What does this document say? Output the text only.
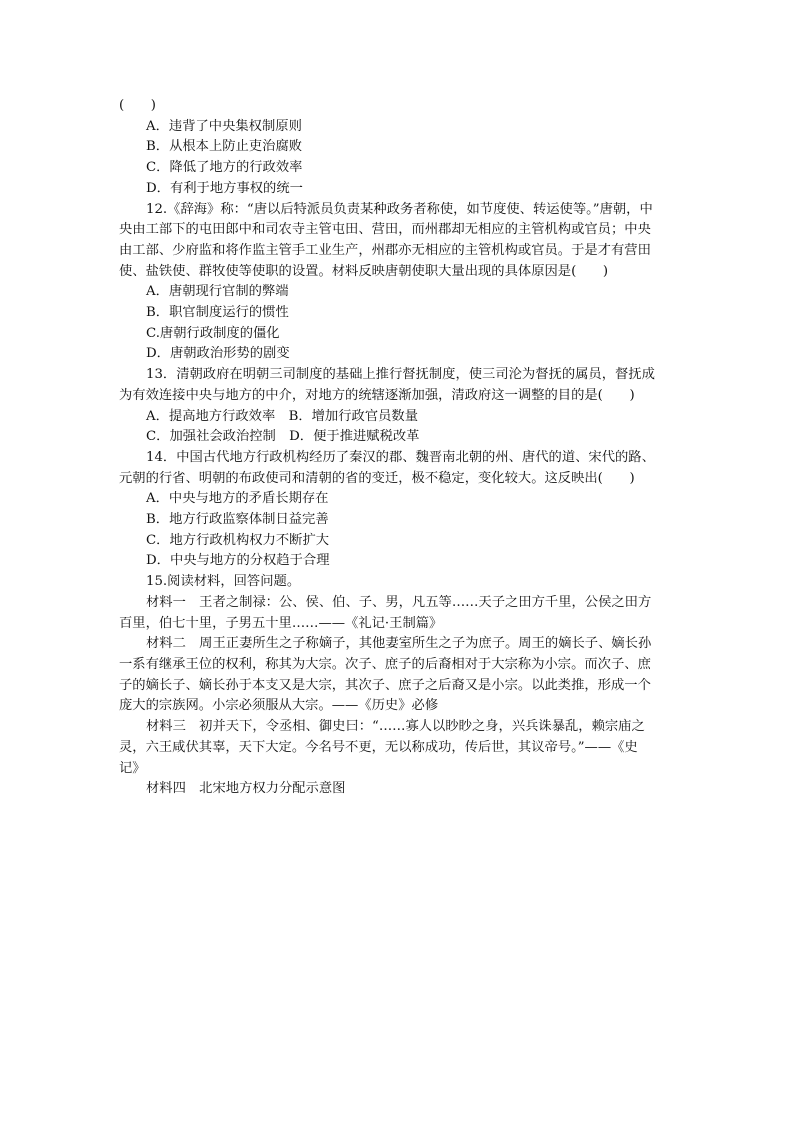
(　　)
A．违背了中央集权制原则
B．从根本上防止吏治腐败
C．降低了地方的行政效率
D．有利于地方事权的统一
12.《辞海》称：“唐以后特派员负责某种政务者称使，如节度使、转运使等。”唐朝，中
央由工部下的屯田郎中和司农寺主管屯田、营田，而州郡却无相应的主管机构或官员；中央
由工部、少府监和将作监主管手工业生产，州郡亦无相应的主管机构或官员。于是才有营田
使、盐铁使、群牧使等使职的设置。材料反映唐朝使职大量出现的具体原因是(　　)
A．唐朝现行官制的弊端
B．职官制度运行的惯性
C.唐朝行政制度的僵化
D．唐朝政治形势的剧变
13．清朝政府在明朝三司制度的基础上推行督抚制度，使三司沦为督抚的属员，督抚成
为有效连接中央与地方的中介，对地方的统辖逐渐加强，清政府这一调整的目的是(　　)
A．提高地方行政效率　B．增加行政官员数量
C．加强社会政治控制　D．便于推进赋税改革
14．中国古代地方行政机构经历了秦汉的郡、魏晋南北朝的州、唐代的道、宋代的路、
元朝的行省、明朝的布政使司和清朝的省的变迁，极不稳定，变化较大。这反映出(　　)
A．中央与地方的矛盾长期存在
B．地方行政监察体制日益完善
C．地方行政机构权力不断扩大
D．中央与地方的分权趋于合理
15.阅读材料，回答问题。
材料一　王者之制禄：公、侯、伯、子、男，凡五等……天子之田方千里，公侯之田方
百里，伯七十里，子男五十里……——《礼记·王制篇》
材料二　周王正妻所生之子称嫡子，其他妻室所生之子为庶子。周王的嫡长子、嫡长孙
一系有继承王位的权利，称其为大宗。次子、庶子的后裔相对于大宗称为小宗。而次子、庶
子的嫡长子、嫡长孙于本支又是大宗，其次子、庶子之后裔又是小宗。以此类推，形成一个
庞大的宗族网。小宗必须服从大宗。——《历史》必修
材料三　初并天下，令丞相、御史曰：“……寡人以眇眇之身，兴兵诛暴乱，赖宗庙之
灵，六王咸伏其辜，天下大定。今名号不更，无以称成功，传后世，其议帝号。”——《史
记》
材料四　北宋地方权力分配示意图
